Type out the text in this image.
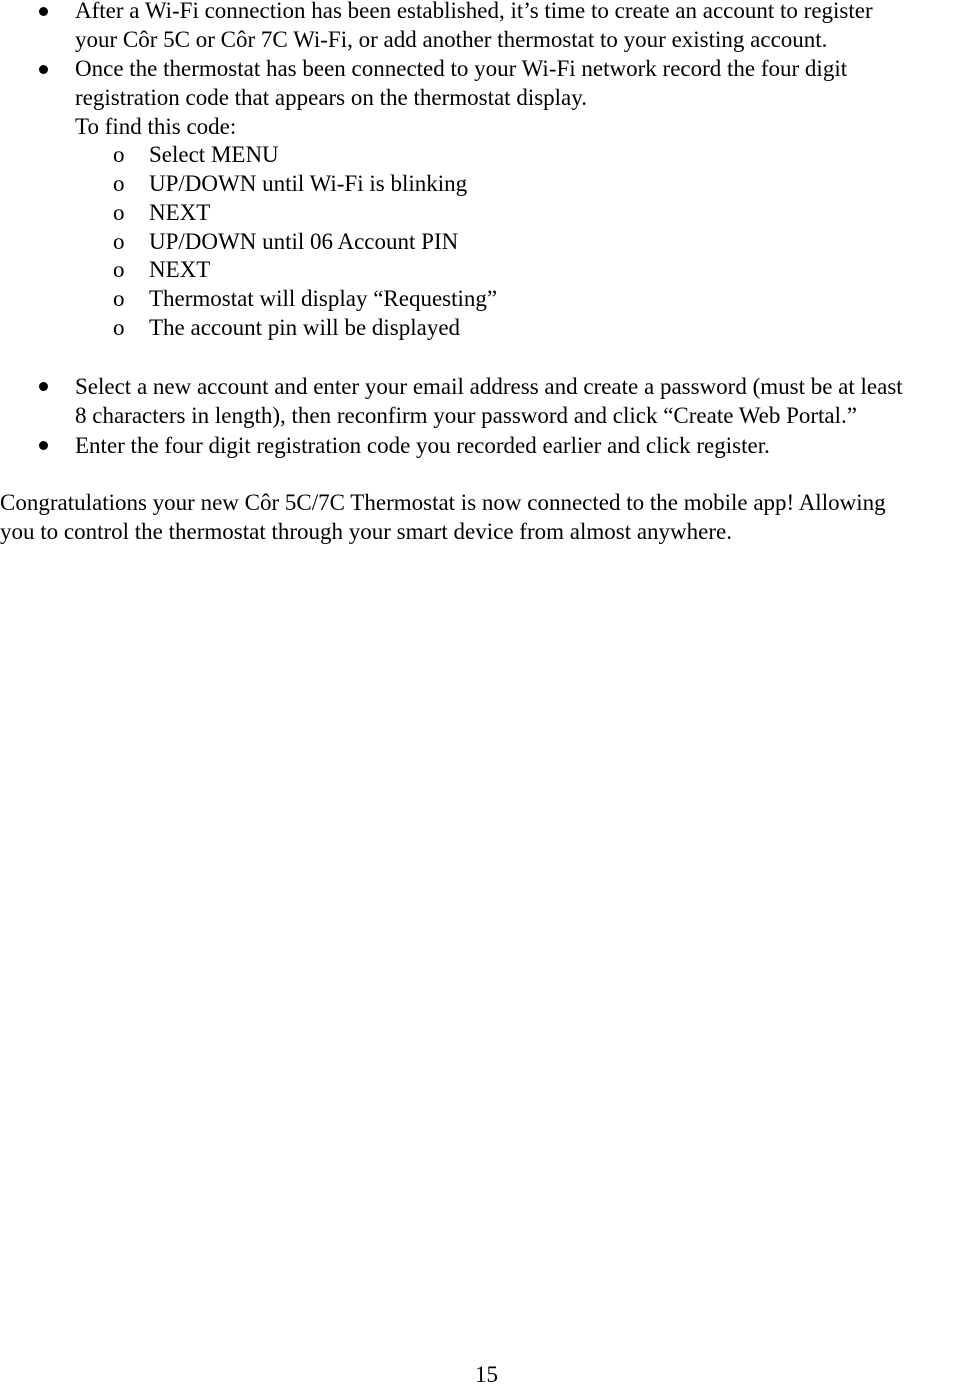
After a Wi-Fi connection has been established, it’s time to create an account to register
your Côr 5C or Côr 7C Wi-Fi, or add another thermostat to your existing account.
Once the thermostat has been connected to your Wi-Fi network record the four digit
registration code that appears on the thermostat display.
To find this code:
o Select MENU
o UP/DOWN until Wi-Fi is blinking
o NEXT
o UP/DOWN until 06 Account PIN
o NEXT
o Thermostat will display “Requesting”
o The account pin will be displayed
Select a new account and enter your email address and create a password (must be at least
8 characters in length), then reconfirm your password and click “Create Web Portal.”
Enter the four digit registration code you recorded earlier and click register.
Congratulations your new Côr 5C/7C Thermostat is now connected to the mobile app! Allowing
you to control the thermostat through your smart device from almost anywhere.
15
